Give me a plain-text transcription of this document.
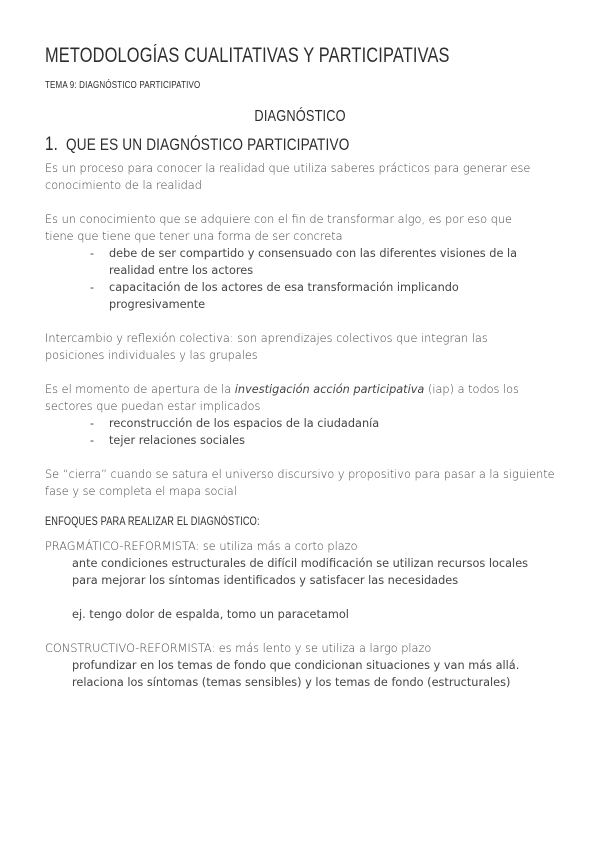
METODOLOGÍAS CUALITATIVAS Y PARTICIPATIVAS
TEMA 9: DIAGNÓSTICO PARTICIPATIVO
DIAGNÓSTICO
1. QUE ES UN DIAGNÓSTICO PARTICIPATIVO
Es un proceso para conocer la realidad que utiliza saberes prácticos para generar ese
conocimiento de la realidad
Es un conocimiento que se adquiere con el fin de transformar algo, es por eso que
tiene que tiene que tener una forma de ser concreta
- debe de ser compartido y consensuado con las diferentes visiones de la
realidad entre los actores
- capacitación de los actores de esa transformación implicando
progresivamente
Intercambio y reflexión colectiva: son aprendizajes colectivos que integran las
posiciones individuales y las grupales
Es el momento de apertura de la investigación acción participativa (iap) a todos los
sectores que puedan estar implicados
- reconstrucción de los espacios de la ciudadanía
- tejer relaciones sociales
Se “cierra” cuando se satura el universo discursivo y propositivo para pasar a la siguiente
fase y se completa el mapa social
ENFOQUES PARA REALIZAR EL DIAGNÓSTICO:
PRAGMÁTICO-REFORMISTA: se utiliza más a corto plazo
ante condiciones estructurales de difícil modificación se utilizan recursos locales
para mejorar los síntomas identificados y satisfacer las necesidades
ej. tengo dolor de espalda, tomo un paracetamol
CONSTRUCTIVO-REFORMISTA: es más lento y se utiliza a largo plazo
profundizar en los temas de fondo que condicionan situaciones y van más allá.
relaciona los síntomas (temas sensibles) y los temas de fondo (estructurales)
